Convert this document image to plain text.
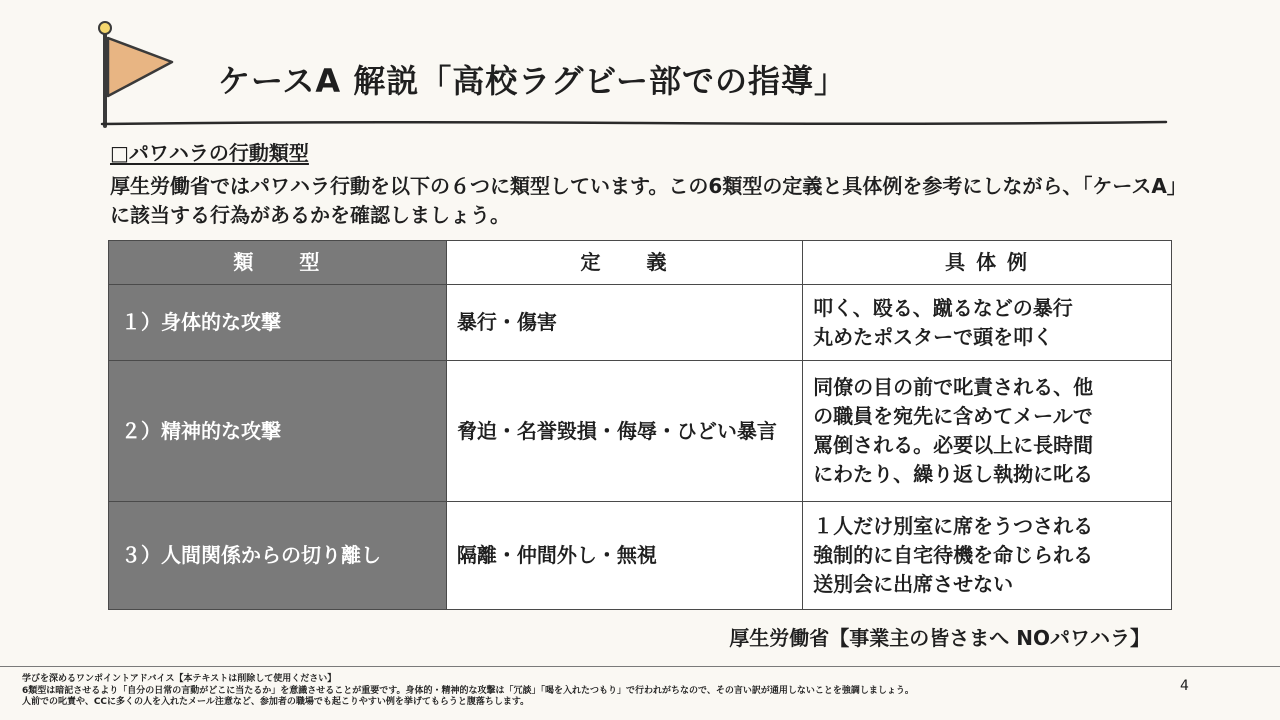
ケースA 解説「高校ラグビー部での指導」
□パワハラの行動類型

厚生労働省ではパワハラ行動を以下の６つに類型しています。この6類型の定義と具体例を参考にしながら、「ケースA」に該当する行為があるかを確認しましょう。

類　　型	定　　義	具 体 例
１）身体的な攻撃	暴行・傷害	叩く、殴る、蹴るなどの暴行
丸めたポスターで頭を叩く

２）精神的な攻撃	脅迫・名誉毀損・侮辱・ひどい暴言	同僚の目の前で叱責される、他
の職員を宛先に含めてメールで
罵倒される。必要以上に長時間
にわたり、繰り返し執拗に叱る

３）人間関係からの切り離し	隔離・仲間外し・無視	１人だけ別室に席をうつされる
強制的に自宅待機を命じられる
送別会に出席させない
厚生労働省【事業主の皆さまへ NOパワハラ】
学びを深めるワンポイントアドバイス【本テキストは削除して使用ください】
6類型は暗記させるより「自分の日常の言動がどこに当たるか」を意識させることが重要です。身体的・精神的な攻撃は「冗談」「喝を入れたつもり」で行われがちなので、その言い訳が通用しないことを強調しましょう。
人前での叱責や、CCに多くの人を入れたメール注意など、参加者の職場でも起こりやすい例を挙げてもらうと腹落ちします。
4
